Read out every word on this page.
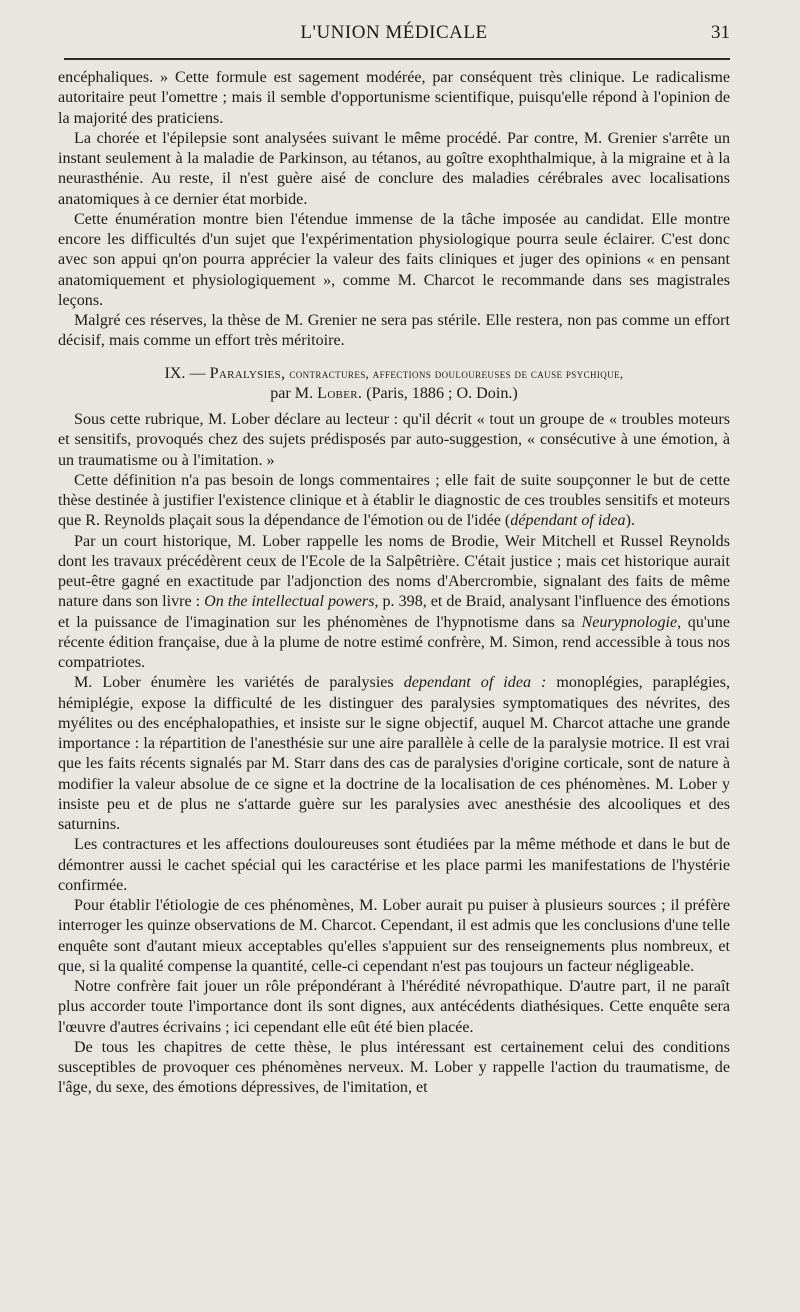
L'UNION MÉDICALE	31

encéphaliques. » Cette formule est sagement modérée, par conséquent très clinique. Le radicalisme autoritaire peut l'omettre ; mais il semble d'opportunisme scientifique, puisqu'elle répond à l'opinion de la majorité des praticiens.

La chorée et l'épilepsie sont analysées suivant le même procédé. Par contre, M. Grenier s'arrête un instant seulement à la maladie de Parkinson, au tétanos, au goître exophthalmique, à la migraine et à la neurasthénie. Au reste, il n'est guère aisé de conclure des maladies cérébrales avec localisations anatomiques à ce dernier état morbide.

Cette énumération montre bien l'étendue immense de la tâche imposée au candidat. Elle montre encore les difficultés d'un sujet que l'expérimentation physiologique pourra seule éclairer. C'est donc avec son appui qn'on pourra apprécier la valeur des faits cliniques et juger des opinions « en pensant anatomiquement et physiologiquement », comme M. Charcot le recommande dans ses magistrales leçons.

Malgré ces réserves, la thèse de M. Grenier ne sera pas stérile. Elle restera, non pas comme un effort décisif, mais comme un effort très méritoire.

IX. — Paralysies, contractures, affections douloureuses de cause psychique,
par M. Lober. (Paris, 1886 ; O. Doin.)

Sous cette rubrique, M. Lober déclare au lecteur : qu'il décrit « tout un groupe de « troubles moteurs et sensitifs, provoqués chez des sujets prédisposés par auto-suggestion, « consécutive à une émotion, à un traumatisme ou à l'imitation. »

Cette définition n'a pas besoin de longs commentaires ; elle fait de suite soupçonner le but de cette thèse destinée à justifier l'existence clinique et à établir le diagnostic de ces troubles sensitifs et moteurs que R. Reynolds plaçait sous la dépendance de l'émotion ou de l'idée (dépendant of idea).

Par un court historique, M. Lober rappelle les noms de Brodie, Weir Mitchell et Russel Reynolds dont les travaux précédèrent ceux de l'Ecole de la Salpêtrière. C'était justice ; mais cet historique aurait peut-être gagné en exactitude par l'adjonction des noms d'Abercrombie, signalant des faits de même nature dans son livre : On the intellectual powers, p. 398, et de Braid, analysant l'influence des émotions et la puissance de l'imagination sur les phénomènes de l'hypnotisme dans sa Neurypnologie, qu'une récente édition française, due à la plume de notre estimé confrère, M. Simon, rend accessible à tous nos compatriotes.

M. Lober énumère les variétés de paralysies dependant of idea : monoplégies, paraplégies, hémiplégie, expose la difficulté de les distinguer des paralysies symptomatiques des névrites, des myélites ou des encéphalopathies, et insiste sur le signe objectif, auquel M. Charcot attache une grande importance : la répartition de l'anesthésie sur une aire parallèle à celle de la paralysie motrice. Il est vrai que les faits récents signalés par M. Starr dans des cas de paralysies d'origine corticale, sont de nature à modifier la valeur absolue de ce signe et la doctrine de la localisation de ces phénomènes. M. Lober y insiste peu et de plus ne s'attarde guère sur les paralysies avec anesthésie des alcooliques et des saturnins.

Les contractures et les affections douloureuses sont étudiées par la même méthode et dans le but de démontrer aussi le cachet spécial qui les caractérise et les place parmi les manifestations de l'hystérie confirmée.

Pour établir l'étiologie de ces phénomènes, M. Lober aurait pu puiser à plusieurs sources ; il préfère interroger les quinze observations de M. Charcot. Cependant, il est admis que les conclusions d'une telle enquête sont d'autant mieux acceptables qu'elles s'appuient sur des renseignements plus nombreux, et que, si la qualité compense la quantité, celle-ci cependant n'est pas toujours un facteur négligeable.

Notre confrère fait jouer un rôle prépondérant à l'hérédité névropathique. D'autre part, il ne paraît plus accorder toute l'importance dont ils sont dignes, aux antécédents diathésiques. Cette enquête sera l'œuvre d'autres écrivains ; ici cependant elle eût été bien placée.

De tous les chapitres de cette thèse, le plus intéressant est certainement celui des conditions susceptibles de provoquer ces phénomènes nerveux. M. Lober y rappelle l'action du traumatisme, de l'âge, du sexe, des émotions dépressives, de l'imitation, et
